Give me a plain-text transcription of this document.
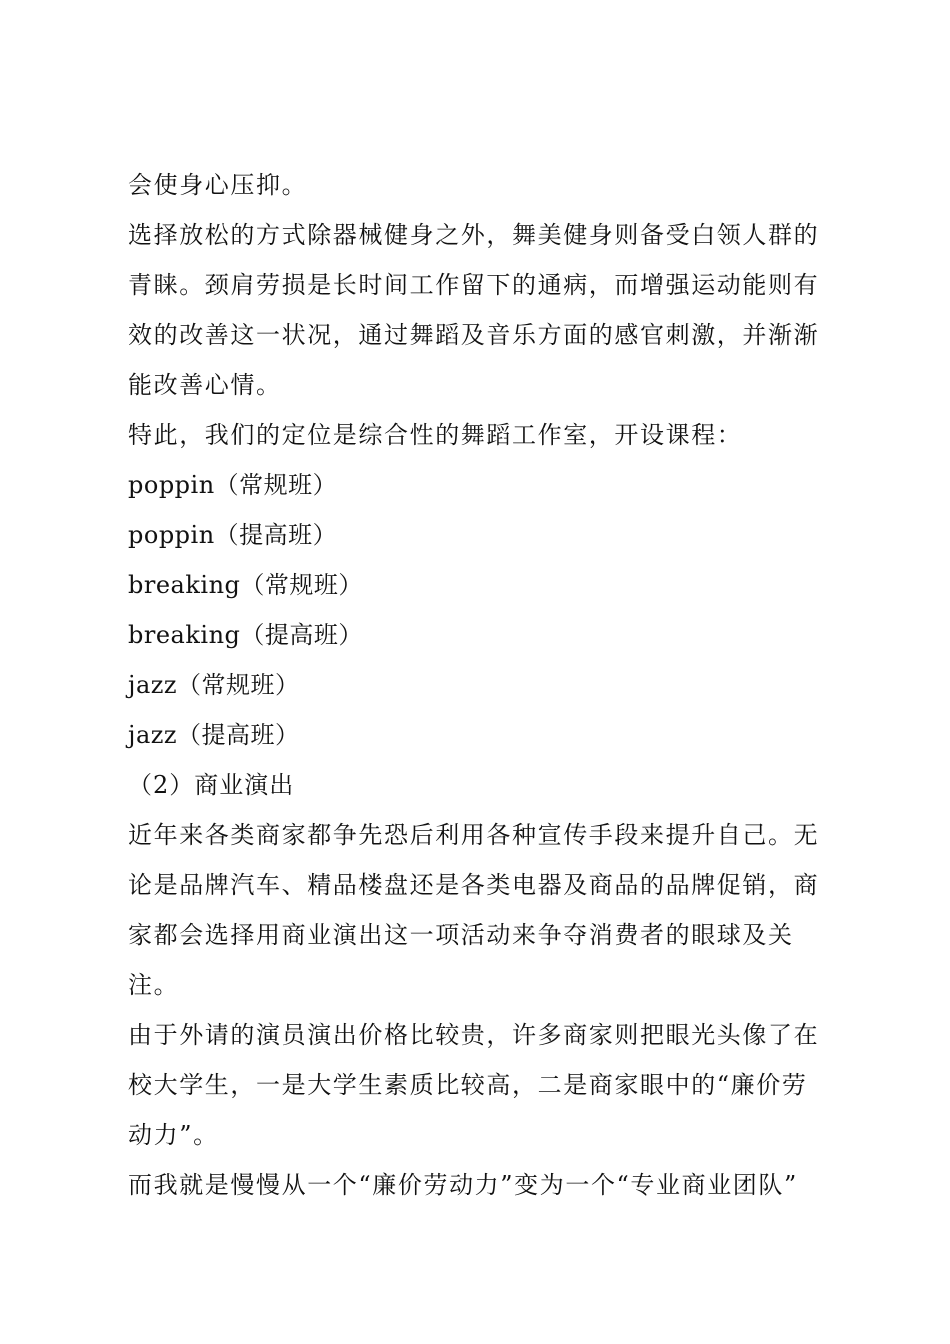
会使身心压抑。

选择放松的方式除器械健身之外，舞美健身则备受白领人群的青睐。颈肩劳损是长时间工作留下的通病，而增强运动能则有效的改善这一状况，通过舞蹈及音乐方面的感官刺激，并渐渐能改善心情。

特此，我们的定位是综合性的舞蹈工作室，开设课程：

poppin（常规班）

poppin（提高班）

breaking（常规班）

breaking（提高班）

jazz（常规班）

jazz（提高班）

（2）商业演出

近年来各类商家都争先恐后利用各种宣传手段来提升自己。无论是品牌汽车、精品楼盘还是各类电器及商品的品牌促销，商家都会选择用商业演出这一项活动来争夺消费者的眼球及关注。

由于外请的演员演出价格比较贵，许多商家则把眼光头像了在校大学生，一是大学生素质比较高，二是商家眼中的“廉价劳动力”。

而我就是慢慢从一个“廉价劳动力”变为一个“专业商业团队”
